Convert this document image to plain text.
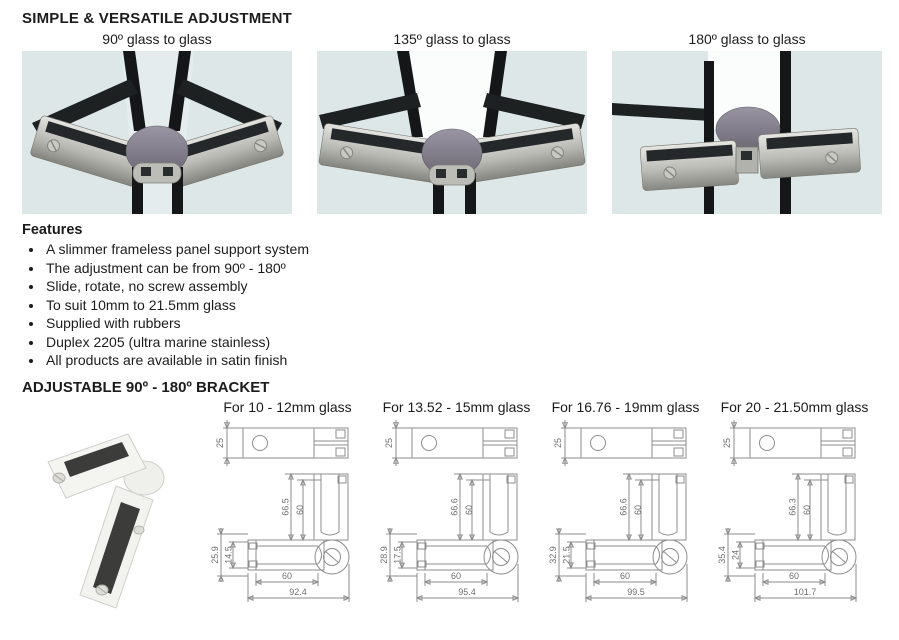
SIMPLE & VERSATILE ADJUSTMENT
90º glass to glass	135º glass to glass	180º glass to glass
Features
• A slimmer frameless panel support system
• The adjustment can be from 90º - 180º
• Slide, rotate, no screw assembly
• To suit 10mm to 21.5mm glass
• Supplied with rubbers
• Duplex 2205 (ultra marine stainless)
• All products are available in satin finish
ADJUSTABLE 90º - 180º BRACKET
For 10 - 12mm glass
25
66.5 60
25.9 14.5
60
92.4
For 13.52 - 15mm glass
25
66.6 60
28.9 17.5
60
95.4
For 16.76 - 19mm glass
25
66.6 60
32.9 21.5
60
99.5
For 20 - 21.50mm glass
25
66.3 60
35.4 24
60
101.7
